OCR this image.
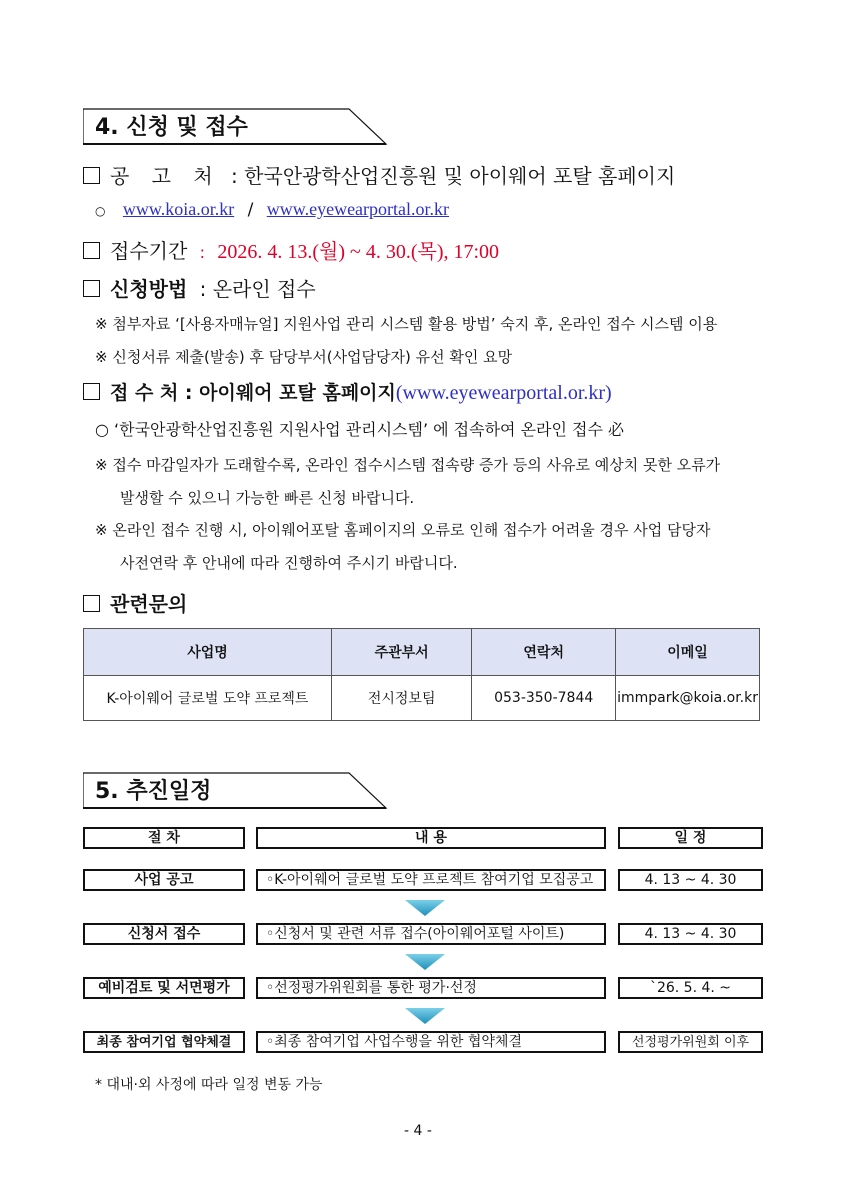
4. 신청 및 접수
공 고 처 : 한국안광학산업진흥원 및 아이웨어 포탈 홈페이지
○ www.koia.or.kr / www.eyewearportal.or.kr
접수기간 : 2026. 4. 13.(월) ~ 4. 30.(목), 17:00
신청방법 : 온라인 접수
※ 첨부자료 ‘[사용자매뉴얼] 지원사업 관리 시스템 활용 방법’ 숙지 후, 온라인 접수 시스템 이용
※ 신청서류 제출(발송) 후 담당부서(사업담당자) 유선 확인 요망
접 수 처 : 아이웨어 포탈 홈페이지(www.eyewearportal.or.kr)
○ ‘한국안광학산업진흥원 지원사업 관리시스템’ 에 접속하여 온라인 접수 必
※ 접수 마감일자가 도래할수록, 온라인 접수시스템 접속량 증가 등의 사유로 예상치 못한 오류가
발생할 수 있으니 가능한 빠른 신청 바랍니다.
※ 온라인 접수 진행 시, 아이웨어포탈 홈페이지의 오류로 인해 접수가 어려울 경우 사업 담당자
사전연락 후 안내에 따라 진행하여 주시기 바랍니다.
관련문의
사업명	주관부서	연락처	이메일
K-아이웨어 글로벌 도약 프로젝트	전시정보팀	053-350-7844	immpark@koia.or.kr
5. 추진일정
절 차	내 용	일 정
사업 공고	◦K-아이웨어 글로벌 도약 프로젝트 참여기업 모집공고	4. 13 ~ 4. 30
신청서 접수	◦신청서 및 관련 서류 접수(아이웨어포털 사이트)	4. 13 ~ 4. 30
예비검토 및 서면평가	◦선정평가위원회를 통한 평가·선정	`26. 5. 4. ~
최종 참여기업 협약체결	◦최종 참여기업 사업수행을 위한 협약체결	선정평가위원회 이후
* 대내·외 사정에 따라 일정 변동 가능
- 4 -
